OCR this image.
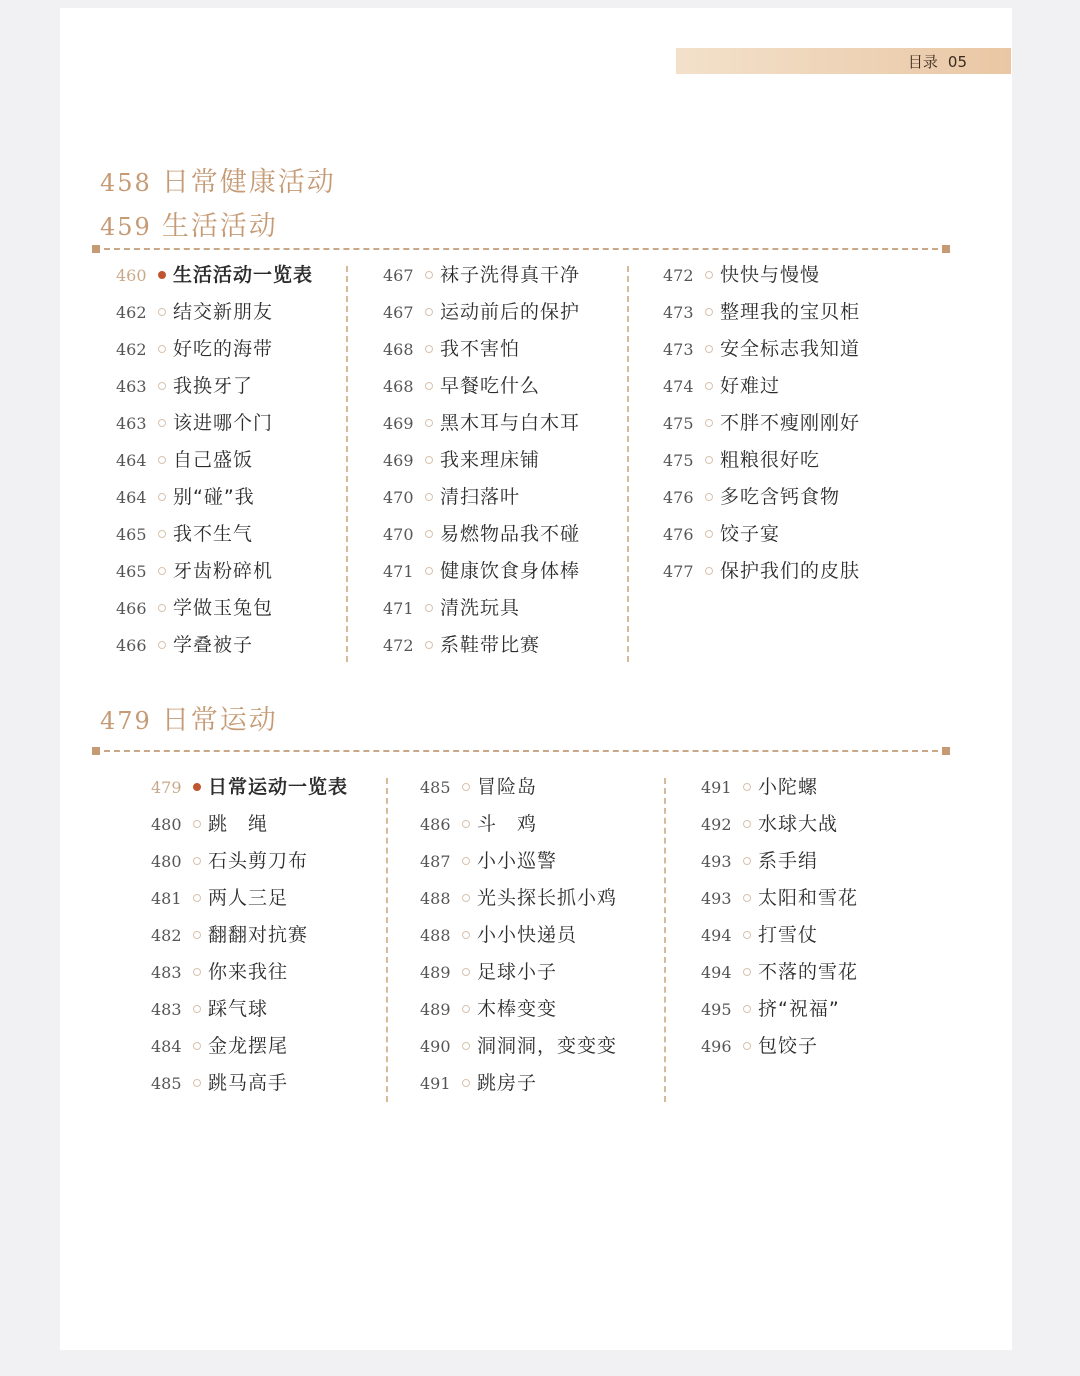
目录 05
458 日常健康活动
459 生活活动
460 生活活动一览表
462 结交新朋友
462 好吃的海带
463 我换牙了
463 该进哪个门
464 自己盛饭
464 别“碰”我
465 我不生气
465 牙齿粉碎机
466 学做玉兔包
466 学叠被子
467 袜子洗得真干净
467 运动前后的保护
468 我不害怕
468 早餐吃什么
469 黑木耳与白木耳
469 我来理床铺
470 清扫落叶
470 易燃物品我不碰
471 健康饮食身体棒
471 清洗玩具
472 系鞋带比赛
472 快快与慢慢
473 整理我的宝贝柜
473 安全标志我知道
474 好难过
475 不胖不瘦刚刚好
475 粗粮很好吃
476 多吃含钙食物
476 饺子宴
477 保护我们的皮肤
479 日常运动
479 日常运动一览表
480 跳　绳
480 石头剪刀布
481 两人三足
482 翻翻对抗赛
483 你来我往
483 踩气球
484 金龙摆尾
485 跳马高手
485 冒险岛
486 斗　鸡
487 小小巡警
488 光头探长抓小鸡
488 小小快递员
489 足球小子
489 木棒变变
490 洞洞洞，变变变
491 跳房子
491 小陀螺
492 水球大战
493 系手绢
493 太阳和雪花
494 打雪仗
494 不落的雪花
495 挤“祝福”
496 包饺子
